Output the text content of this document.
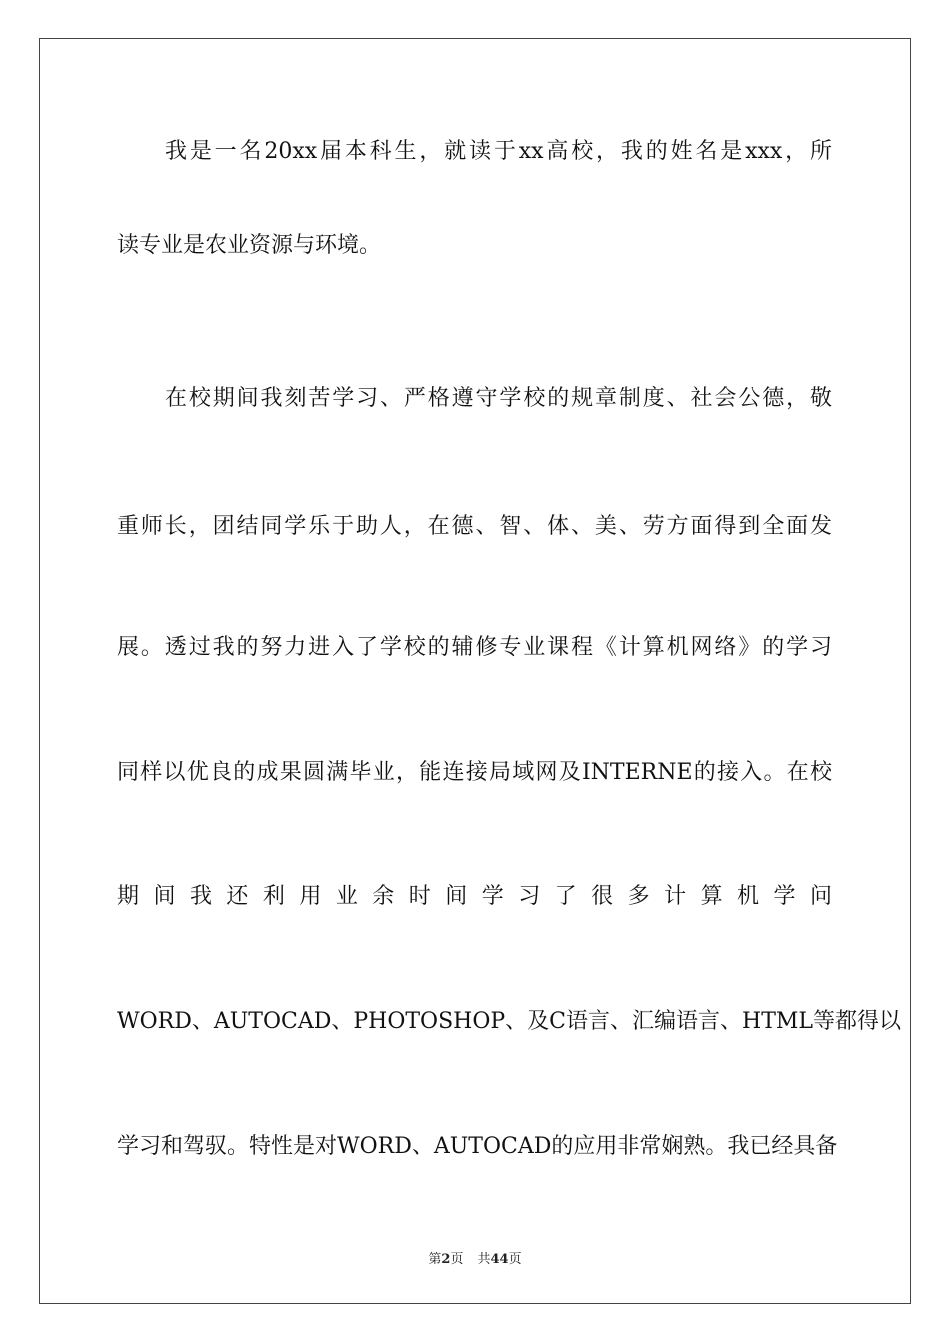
我是一名20xx届本科生，就读于xx高校，我的姓名是xxx，所
读专业是农业资源与环境。
在校期间我刻苦学习、严格遵守学校的规章制度、社会公德，敬
重师长，团结同学乐于助人，在德、智、体、美、劳方面得到全面发
展。透过我的努力进入了学校的辅修专业课程《计算机网络》的学习
同样以优良的成果圆满毕业，能连接局域网及INTERNE的接入。在校
期间我还利用业余时间学习了很多计算机学问
WORD、AUTOCAD、PHOTOSHOP、及C语言、汇编语言、HTML等都得以
学习和驾驭。特性是对WORD、AUTOCAD的应用非常娴熟。我已经具备
第2页 共44页
